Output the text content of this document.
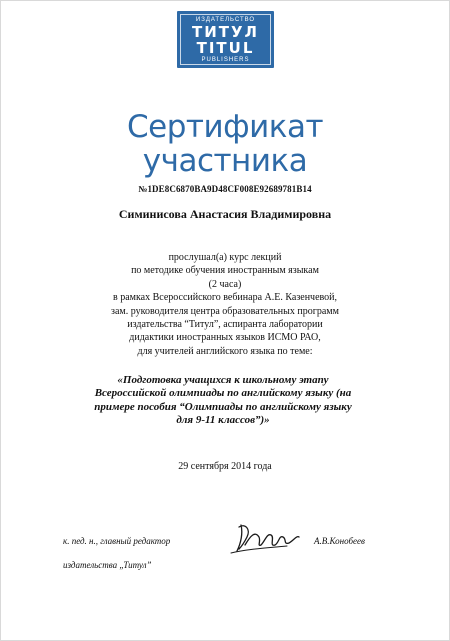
ИЗДАТЕЛЬСТВО
ТИТУЛ
TITUL
PUBLISHERS
Сертификат
участника
№1DE8C6870BA9D48CF008E92689781B14
Симинисова Анастасия Владимировна
прослушал(а) курс лекций
по методике обучения иностранным языкам
(2 часа)
в рамках Всероссийского вебинара А.Е. Казенчевой,
зам. руководителя центра образовательных программ
издательства “Титул”, аспиранта лаборатории
дидактики иностранных языков ИСМО РАО,
для учителей английского языка по теме:
«Подготовка учащихся к школьному этапу
Всероссийской олимпиады по английскому языку (на
примере пособия “Олимпиады по английскому языку
для 9-11 классов”)»
29 сентября 2014 года
к. пед. н., главный редактор
издательства „Титул”
А.В.Конобеев
